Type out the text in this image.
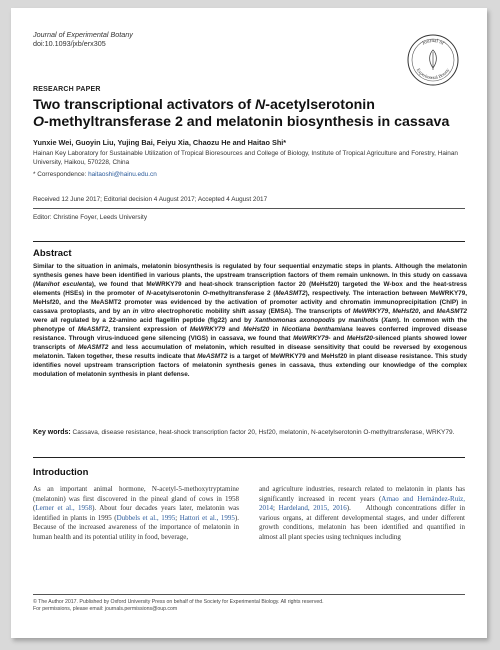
Journal of Experimental Botany
doi:10.1093/jxb/erx305	Journal of
Experimental Botany
RESEARCH PAPER
Two transcriptional activators of N-acetylserotonin
O-methyltransferase 2 and melatonin biosynthesis in cassava
Yunxie Wei, Guoyin Liu, Yujing Bai, Feiyu Xia, Chaozu He and Haitao Shi*
Hainan Key Laboratory for Sustainable Utilization of Tropical Bioresources and College of Biology, Institute of Tropical Agriculture and Forestry, Hainan University, Haikou, 570228, China
* Correspondence: haitaoshi@hainu.edu.cn
Received 12 June 2017; Editorial decision 4 August 2017; Accepted 4 August 2017
Editor: Christine Foyer, Leeds University
Abstract
Similar to the situation in animals, melatonin biosynthesis is regulated by four sequential enzymatic steps in plants. Although the melatonin synthesis genes have been identified in various plants, the upstream transcription factors of them remain unknown. In this study on cassava (Manihot esculenta), we found that MeWRKY79 and heat-shock transcription factor 20 (MeHsf20) targeted the W-box and the heat-stress elements (HSEs) in the promoter of N-acetylserotonin O-methyltransferase 2 (MeASMT2), respectively. The interaction between MeWRKY79, MeHsf20, and the MeASMT2 promoter was evidenced by the activation of promoter activity and chromatin immunoprecipitation (ChIP) in cassava protoplasts, and by an in vitro electrophoretic mobility shift assay (EMSA). The transcripts of MeWRKY79, MeHsf20, and MeASMT2 were all regulated by a 22-amino acid flagellin peptide (flg22) and by Xanthomonas axonopodis pv manihotis (Xam). In common with the phenotype of MeASMT2, transient expression of MeWRKY79 and MeHsf20 in Nicotiana benthamiana leaves conferred improved disease resistance. Through virus-induced gene silencing (VIGS) in cassava, we found that MeWRKY79- and MeHsf20-silenced plants showed lower transcripts of MeASMT2 and less accumulation of melatonin, which resulted in disease sensitivity that could be reversed by exogenous melatonin. Taken together, these results indicate that MeASMT2 is a target of MeWRKY79 and MeHsf20 in plant disease resistance. This study identifies novel upstream transcription factors of melatonin synthesis genes in cassava, thus extending our knowledge of the complex modulation of melatonin synthesis in plant defense.
Key words: Cassava, disease resistance, heat-shock transcription factor 20, Hsf20, melatonin, N-acetylserotonin O-methyltransferase, WRKY79.
Introduction
As an important animal hormone, N-acetyl-5-methoxytryptamine (melatonin) was first discovered in the pineal gland of cows in 1958 (Lerner et al., 1958). About four decades years later, melatonin was identified in plants in 1995 (Dubbels et al., 1995; Hattori et al., 1995). Because of the increased awareness of the importance of melatonin in human health and its potential utility in food, beverage,
and agriculture industries, research related to melatonin in plants has significantly increased in recent years (Arnao and Hernández-Ruiz, 2014; Hardeland, 2015, 2016).    Although concentrations differ in various organs, at different developmental stages, and under different growth conditions, melatonin has been identified and quantified in almost all plant species using techniques including
© The Author 2017. Published by Oxford University Press on behalf of the Society for Experimental Biology. All rights reserved.
For permissions, please email: journals.permissions@oup.com
